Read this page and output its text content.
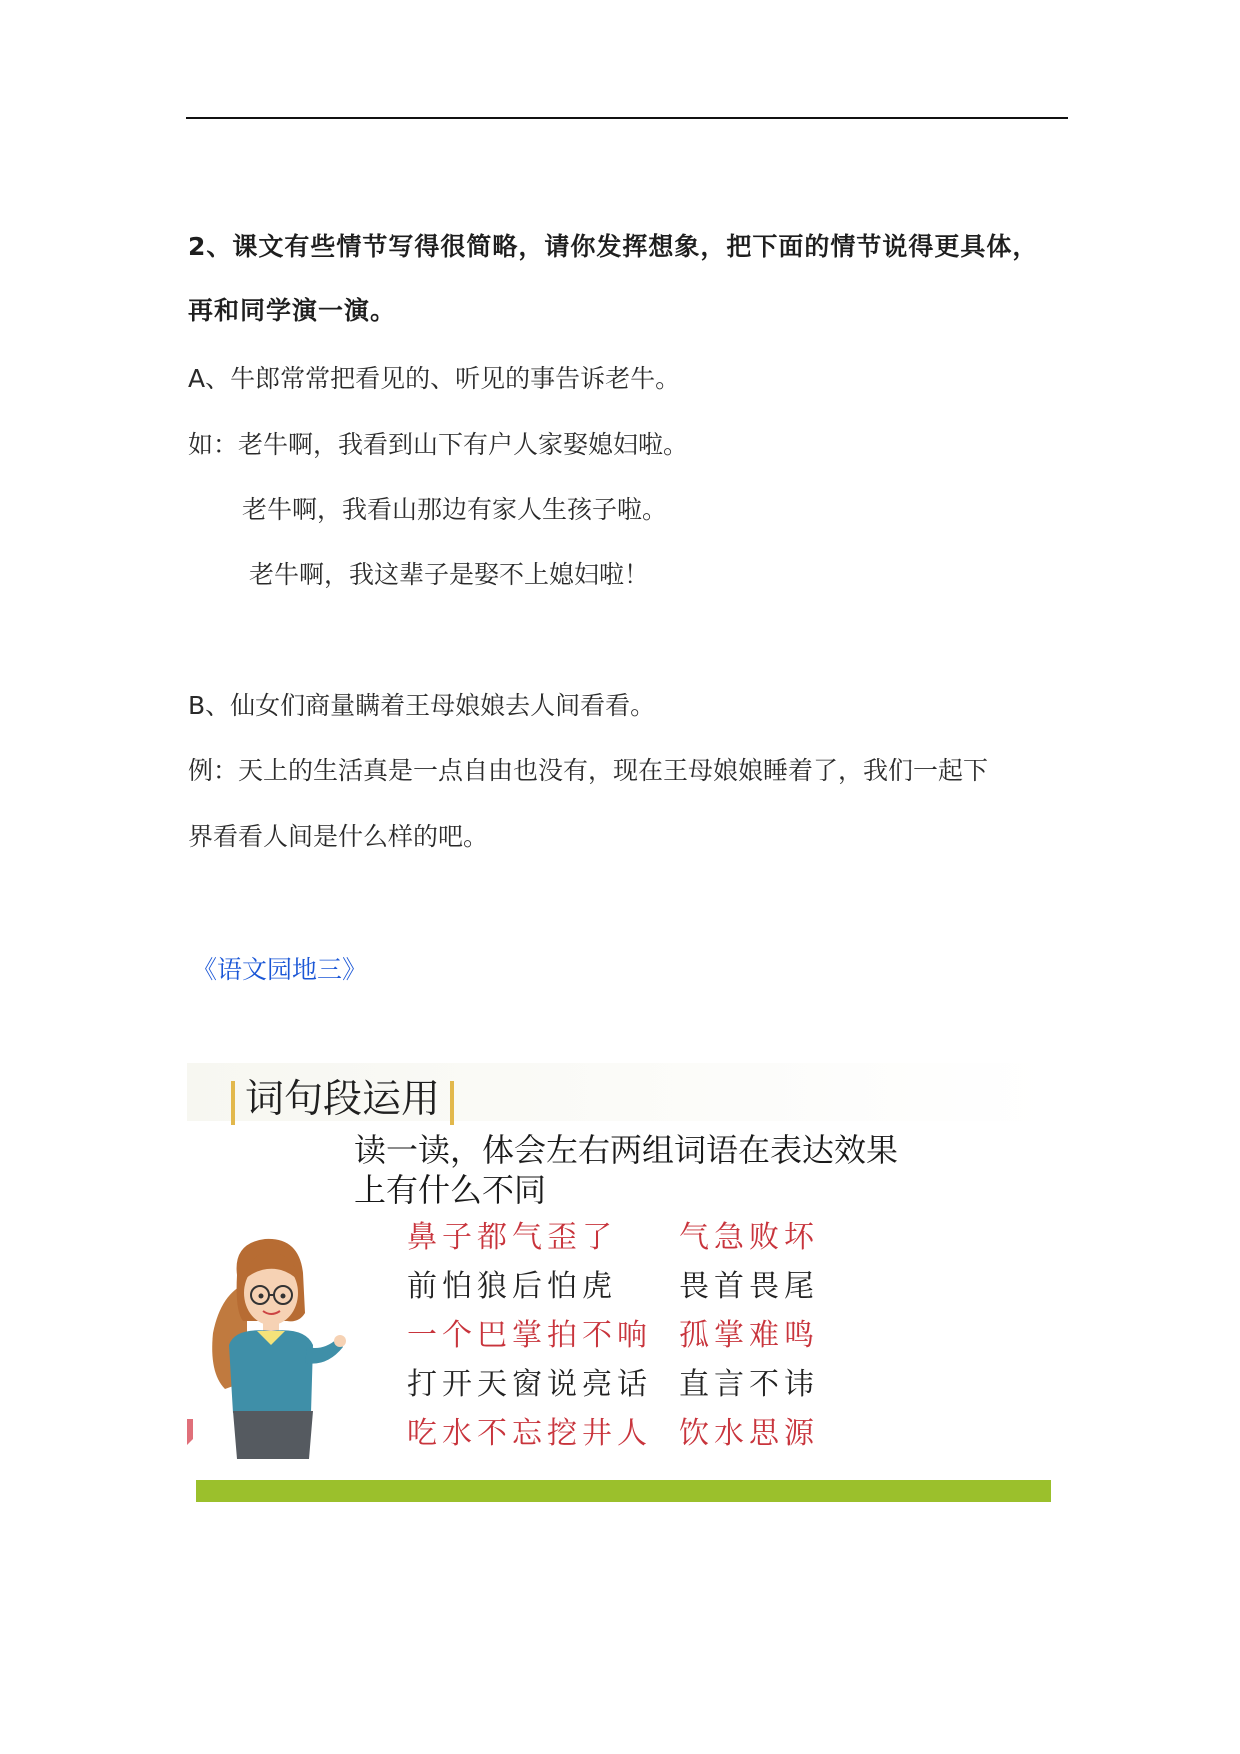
2、课文有些情节写得很简略，请你发挥想象，把下面的情节说得更具体，
再和同学演一演。
A、牛郎常常把看见的、听见的事告诉老牛。
如：老牛啊，我看到山下有户人家娶媳妇啦。
老牛啊，我看山那边有家人生孩子啦。
老牛啊，我这辈子是娶不上媳妇啦！
B、仙女们商量瞒着王母娘娘去人间看看。
例：天上的生活真是一点自由也没有，现在王母娘娘睡着了，我们一起下
界看看人间是什么样的吧。
《语文园地三》
词句段运用
读一读，体会左右两组词语在表达效果
上有什么不同
鼻子都气歪了
前怕狼后怕虎
一个巴掌拍不响
打开天窗说亮话
吃水不忘挖井人
气急败坏
畏首畏尾
孤掌难鸣
直言不讳
饮水思源
